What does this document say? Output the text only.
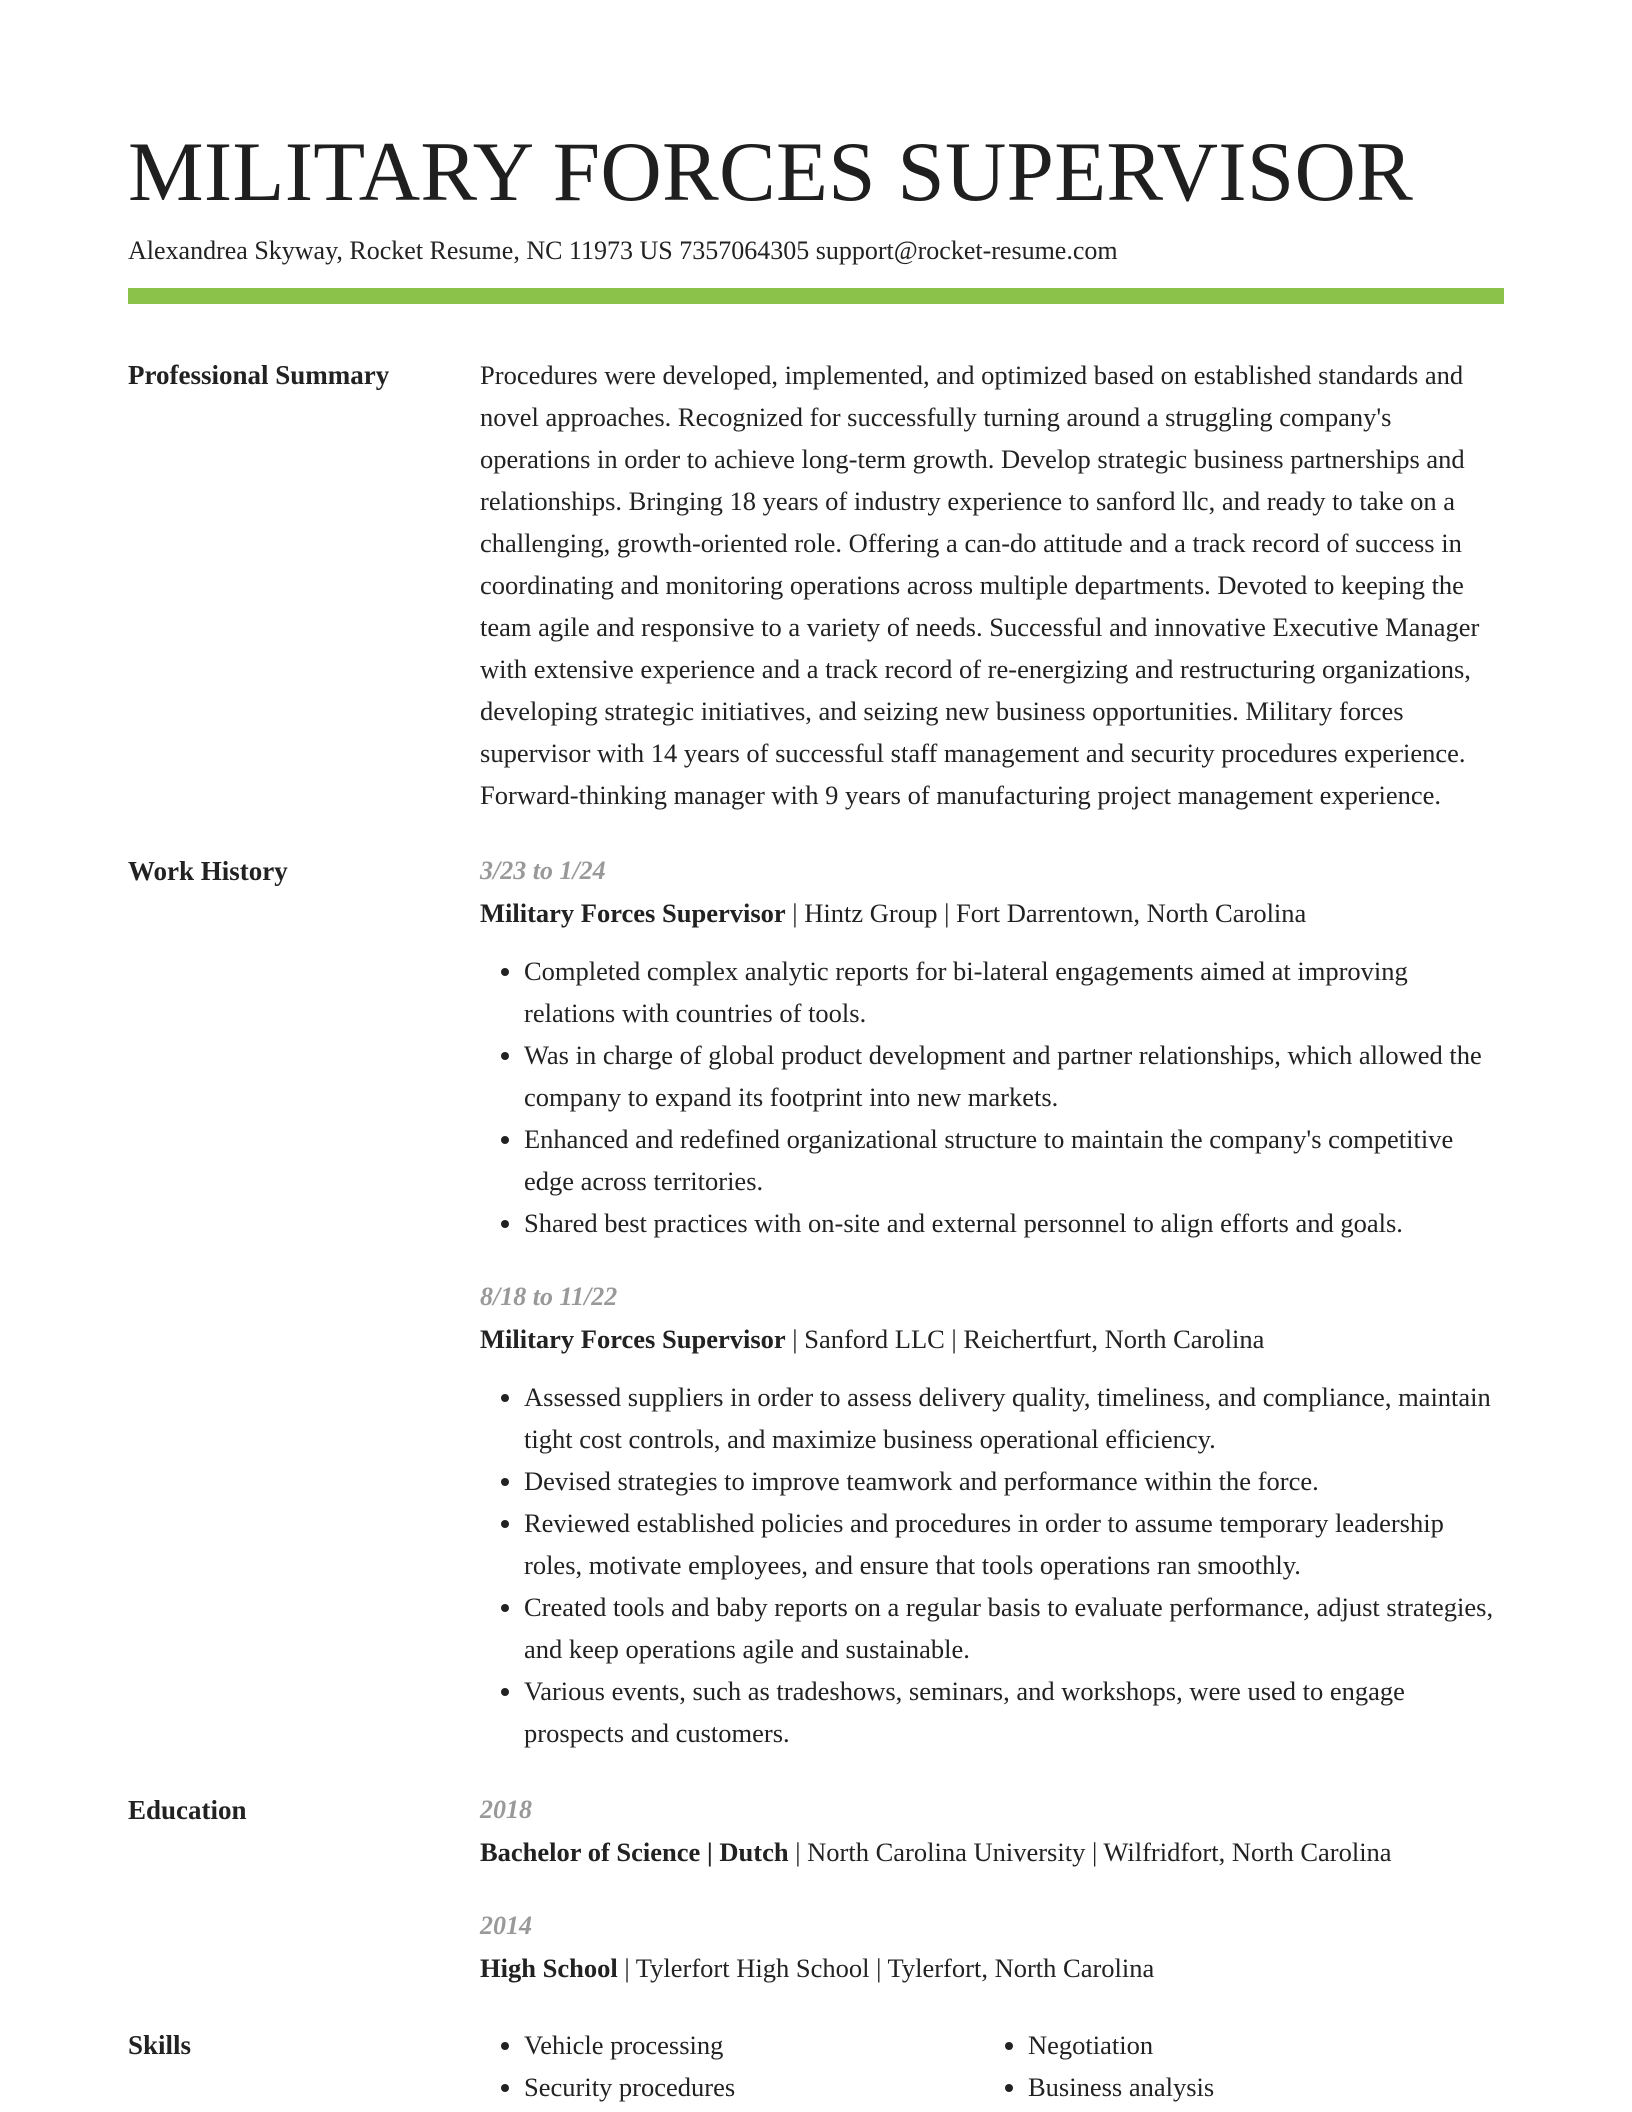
MILITARY FORCES SUPERVISOR
Alexandrea Skyway, Rocket Resume, NC 11973 US 7357064305 support@rocket-resume.com
Professional Summary	Procedures were developed, implemented, and optimized based on established standards and novel approaches. Recognized for successfully turning around a struggling company's operations in order to achieve long-term growth. Develop strategic business partnerships and relationships. Bringing 18 years of industry experience to sanford llc, and ready to take on a challenging, growth-oriented role. Offering a can-do attitude and a track record of success in coordinating and monitoring operations across multiple departments. Devoted to keeping the team agile and responsive to a variety of needs. Successful and innovative Executive Manager with extensive experience and a track record of re-energizing and restructuring organizations, developing strategic initiatives, and seizing new business opportunities. Military forces supervisor with 14 years of successful staff management and security procedures experience. Forward-thinking manager with 9 years of manufacturing project management experience.

Work History	3/23 to 1/24
Military Forces Supervisor | Hintz Group | Fort Darrentown, North Carolina
• Completed complex analytic reports for bi-lateral engagements aimed at improving relations with countries of tools.
• Was in charge of global product development and partner relationships, which allowed the company to expand its footprint into new markets.
• Enhanced and redefined organizational structure to maintain the company's competitive edge across territories.
• Shared best practices with on-site and external personnel to align efforts and goals.
8/18 to 11/22
Military Forces Supervisor | Sanford LLC | Reichertfurt, North Carolina
• Assessed suppliers in order to assess delivery quality, timeliness, and compliance, maintain tight cost controls, and maximize business operational efficiency.
• Devised strategies to improve teamwork and performance within the force.
• Reviewed established policies and procedures in order to assume temporary leadership roles, motivate employees, and ensure that tools operations ran smoothly.
• Created tools and baby reports on a regular basis to evaluate performance, adjust strategies, and keep operations agile and sustainable.
• Various events, such as tradeshows, seminars, and workshops, were used to engage prospects and customers.
Education	2018
Bachelor of Science | Dutch | North Carolina University | Wilfridfort, North Carolina
2014
High School | Tylerfort High School | Tylerfort, North Carolina
Skills
•	Vehicle processing
• Security procedures
• Negotiation
• Business analysis
